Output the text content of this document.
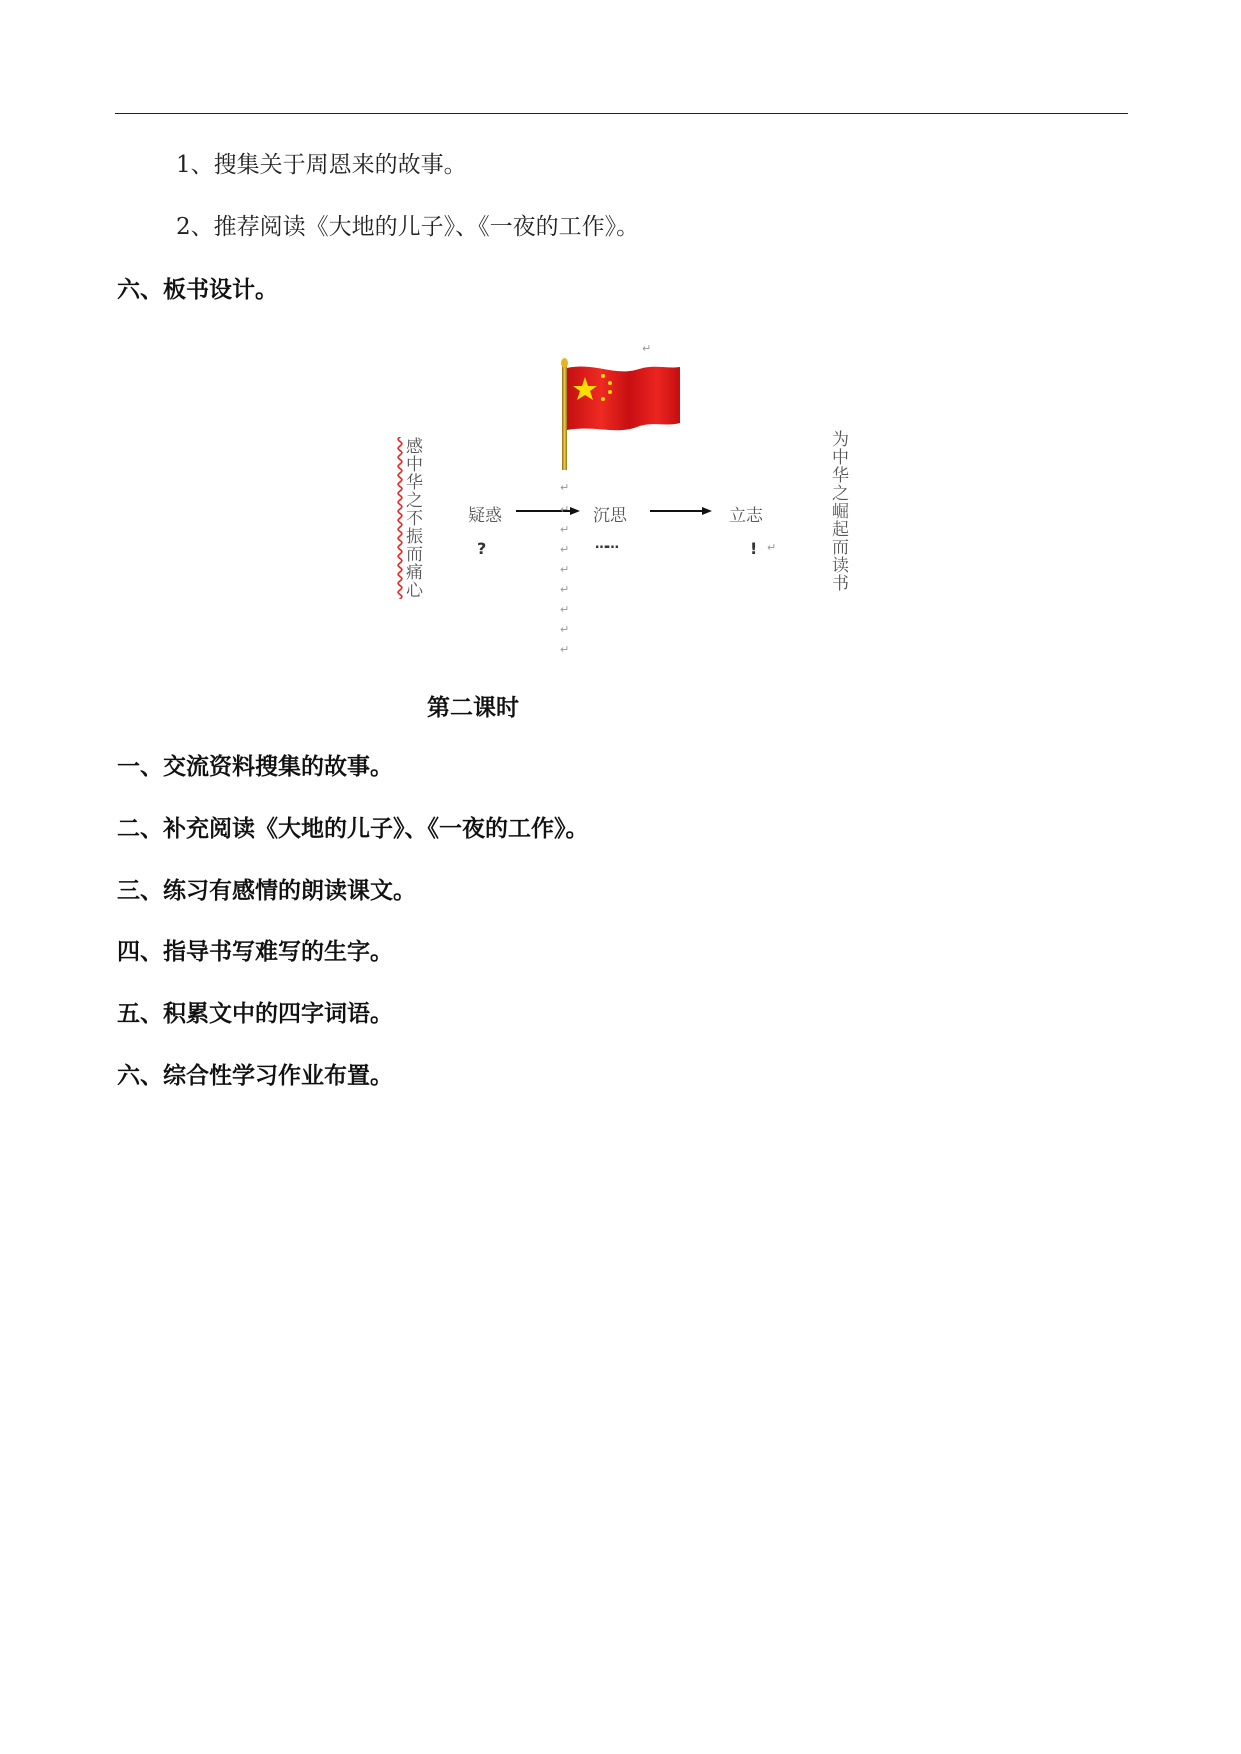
1、搜集关于周恩来的故事。
2、推荐阅读《大地的儿子》、《一夜的工作》。
六、板书设计。
↵
感中华之不振而痛心	为中华之崛起而读书
疑惑	沉思	立志
?	……	!
↵
↵
↵
↵
↵
↵
↵
↵
↵
↵
第二课时
一、交流资料搜集的故事。
二、补充阅读《大地的儿子》、《一夜的工作》。
三、练习有感情的朗读课文。
四、指导书写难写的生字。
五、积累文中的四字词语。
六、综合性学习作业布置。
